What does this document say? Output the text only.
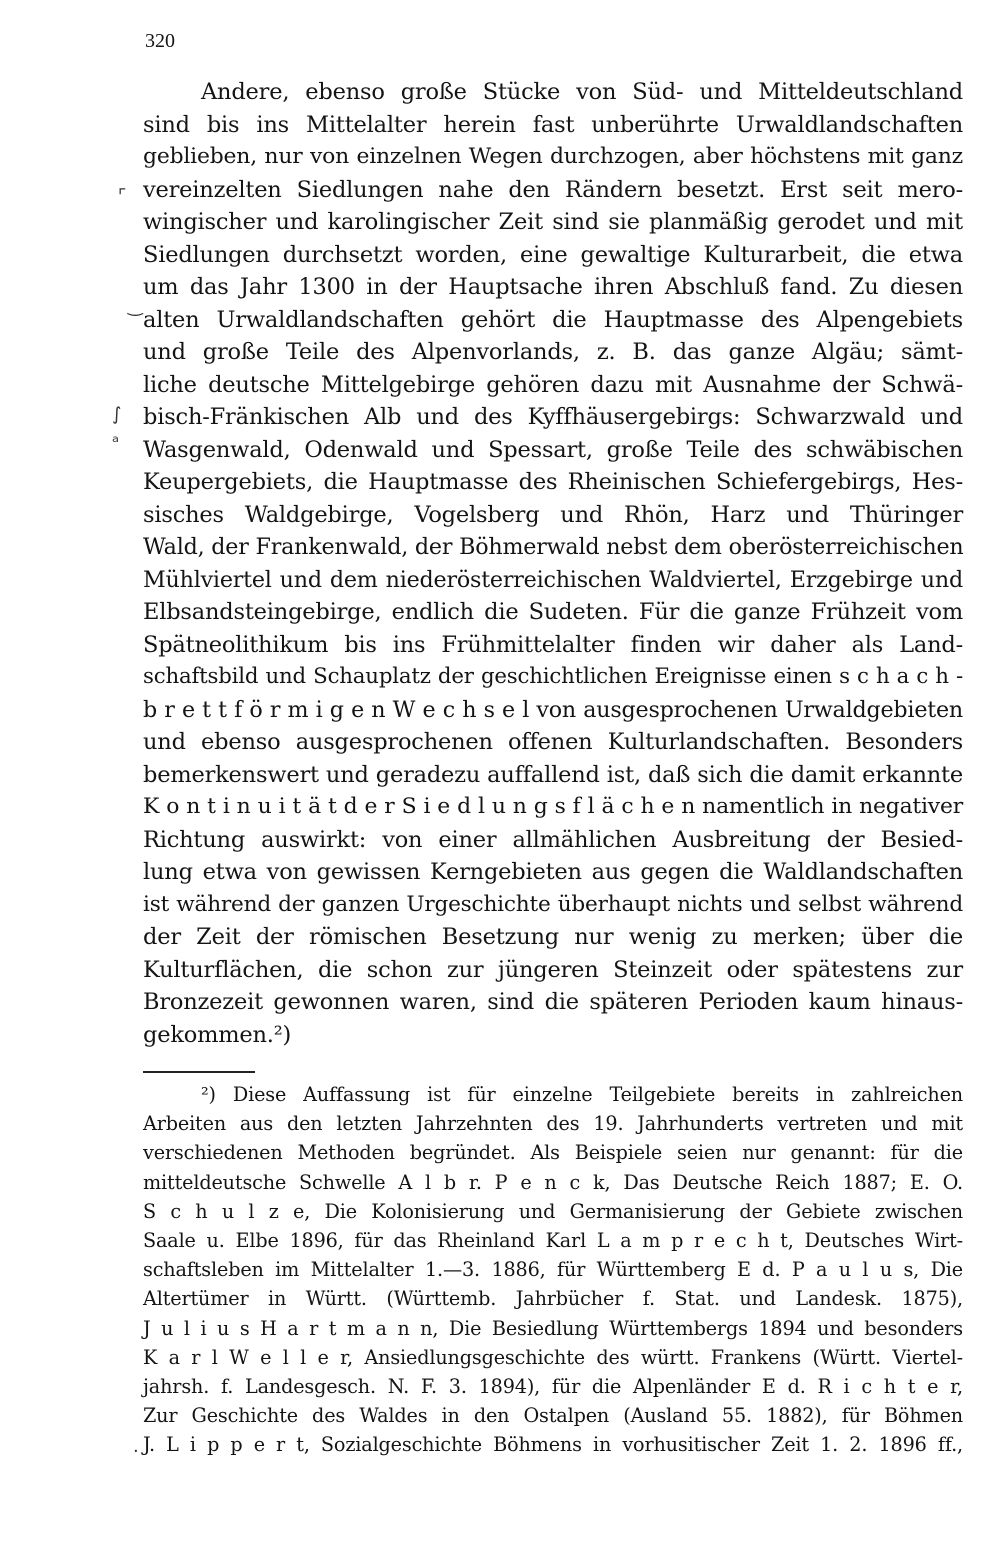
320
⌜
‿
∫
ᵃ
.
Andere, ebenso große Stücke von Süd- und Mitteldeutschland
sind bis ins Mittelalter herein fast unberührte Urwaldlandschaften
geblieben, nur von einzelnen Wegen durchzogen, aber höchstens mit ganz
vereinzelten Siedlungen nahe den Rändern besetzt. Erst seit mero-
wingischer und karolingischer Zeit sind sie planmäßig gerodet und mit
Siedlungen durchsetzt worden, eine gewaltige Kulturarbeit, die etwa
um das Jahr 1300 in der Hauptsache ihren Abschluß fand. Zu diesen
alten Urwaldlandschaften gehört die Hauptmasse des Alpengebiets
und große Teile des Alpenvorlands, z. B. das ganze Algäu; sämt-
liche deutsche Mittelgebirge gehören dazu mit Ausnahme der Schwä-
bisch-Fränkischen Alb und des Kyffhäusergebirgs: Schwarzwald und
Wasgenwald, Odenwald und Spessart, große Teile des schwäbischen
Keupergebiets, die Hauptmasse des Rheinischen Schiefergebirgs, Hes-
sisches Waldgebirge, Vogelsberg und Rhön, Harz und Thüringer
Wald, der Frankenwald, der Böhmerwald nebst dem oberösterreichischen
Mühlviertel und dem niederösterreichischen Waldviertel, Erzgebirge und
Elbsandsteingebirge, endlich die Sudeten. Für die ganze Frühzeit vom
Spätneolithikum bis ins Frühmittelalter finden wir daher als Land-
schaftsbild und Schauplatz der geschichtlichen Ereignisse einen s c h a c h -
b r e t t f ö r m i g e n W e c h s e l von ausgesprochenen Urwaldgebieten
und ebenso ausgesprochenen offenen Kulturlandschaften. Besonders
bemerkenswert und geradezu auffallend ist, daß sich die damit erkannte
K o n t i n u i t ä t d e r S i e d l u n g s f l ä c h e n namentlich in negativer
Richtung auswirkt: von einer allmählichen Ausbreitung der Besied-
lung etwa von gewissen Kerngebieten aus gegen die Waldlandschaften
ist während der ganzen Urgeschichte überhaupt nichts und selbst während
der Zeit der römischen Besetzung nur wenig zu merken; über die
Kulturflächen, die schon zur jüngeren Steinzeit oder spätestens zur
Bronzezeit gewonnen waren, sind die späteren Perioden kaum hinaus-
gekommen.²)
²) Diese Auffassung ist für einzelne Teilgebiete bereits in zahlreichen
Arbeiten aus den letzten Jahrzehnten des 19. Jahrhunderts vertreten und mit
verschiedenen Methoden begründet. Als Beispiele seien nur genannt: für die
mitteldeutsche Schwelle A l b r. P e n c k, Das Deutsche Reich 1887; E. O.
S c h u l z e, Die Kolonisierung und Germanisierung der Gebiete zwischen
Saale u. Elbe 1896, für das Rheinland Karl L a m p r e c h t, Deutsches Wirt-
schaftsleben im Mittelalter 1.—3. 1886, für Württemberg E d. P a u l u s, Die
Altertümer in Württ. (Württemb. Jahrbücher f. Stat. und Landesk. 1875),
J u l i u s H a r t m a n n, Die Besiedlung Württembergs 1894 und besonders
K a r l W e l l e r, Ansiedlungsgeschichte des württ. Frankens (Württ. Viertel-
jahrsh. f. Landesgesch. N. F. 3. 1894), für die Alpenländer E d. R i c h t e r,
Zur Geschichte des Waldes in den Ostalpen (Ausland 55. 1882), für Böhmen
J. L i p p e r t, Sozialgeschichte Böhmens in vorhusitischer Zeit 1. 2. 1896 ff.,
